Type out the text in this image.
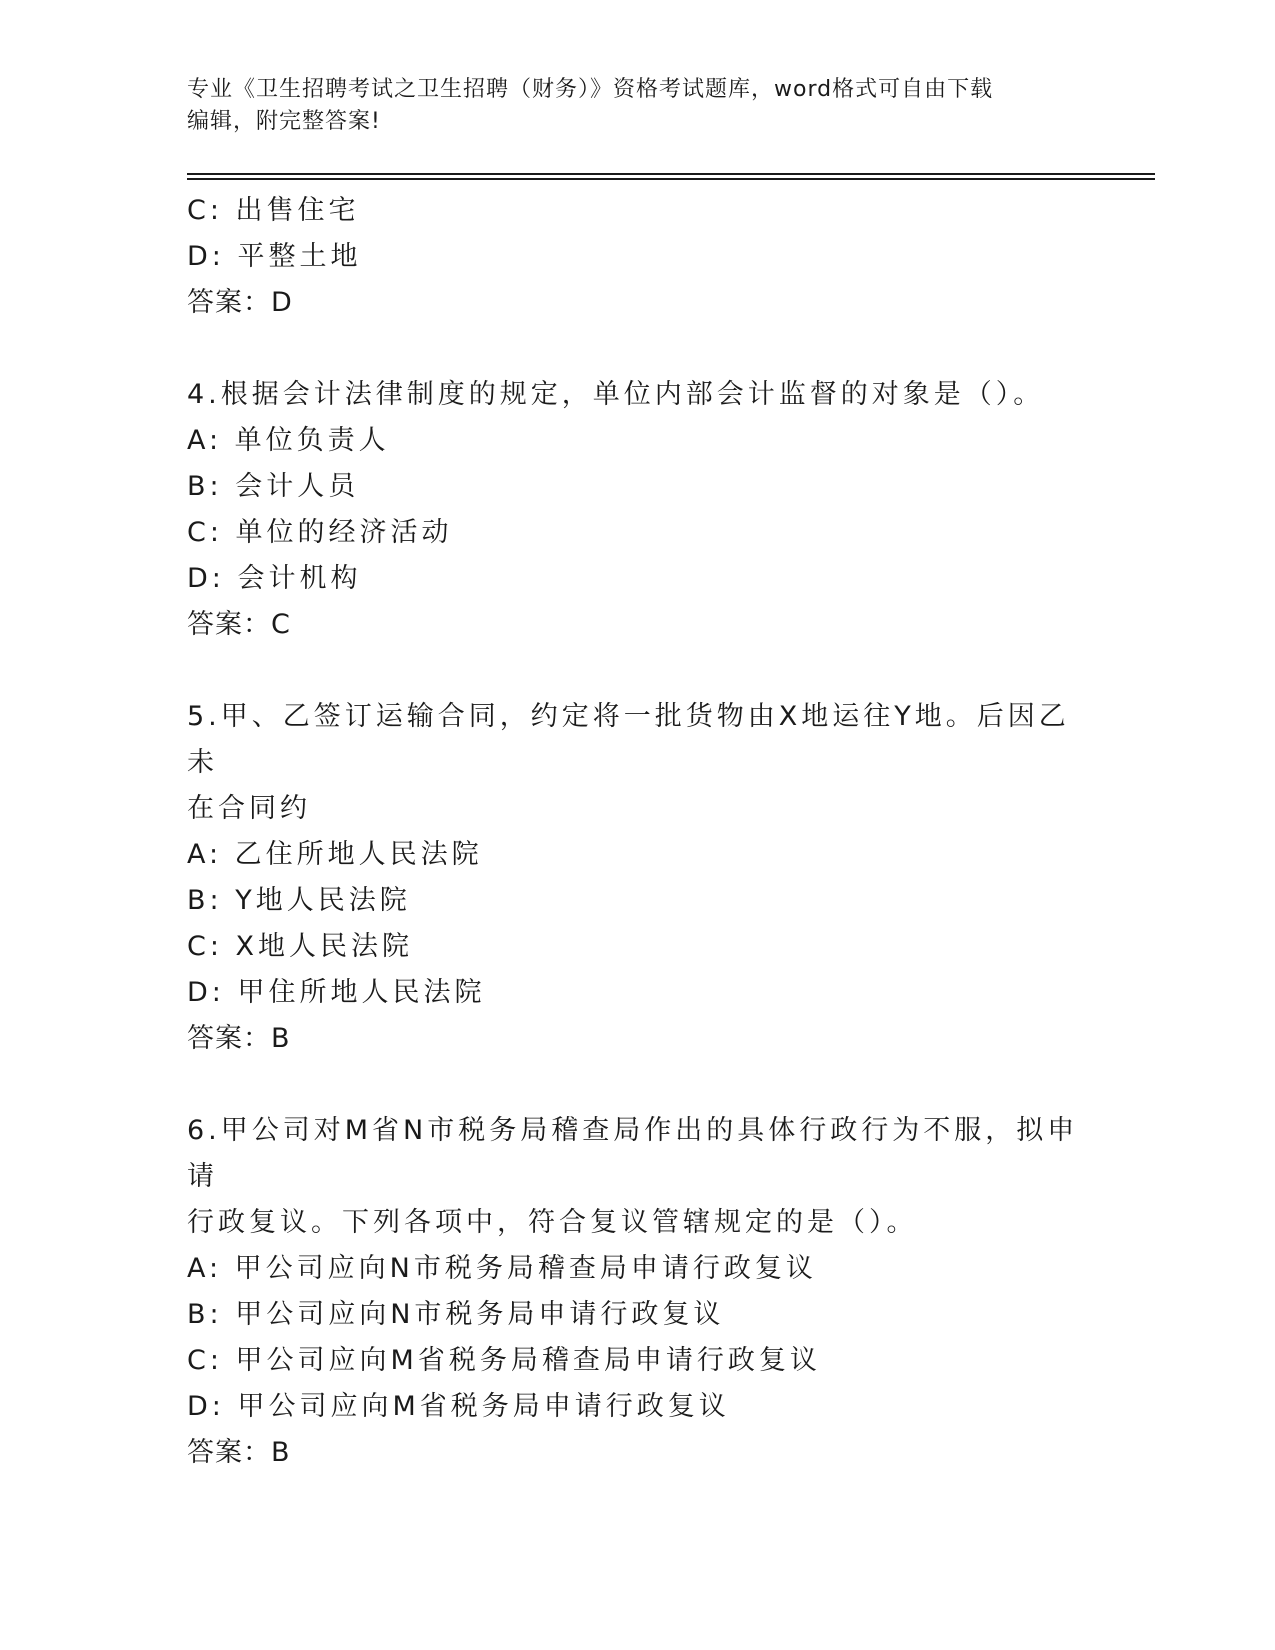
专业《卫生招聘考试之卫生招聘（财务）》资格考试题库，word格式可自由下载
编辑，附完整答案!
C: 出售住宅
D: 平整土地
答案：D
4.根据会计法律制度的规定，单位内部会计监督的对象是（）。
A: 单位负责人
B: 会计人员
C: 单位的经济活动
D: 会计机构
答案：C
5.甲、乙签订运输合同，约定将一批货物由X地运往Y地。后因乙未
在合同约
A: 乙住所地人民法院
B: Y地人民法院
C: X地人民法院
D: 甲住所地人民法院
答案：B
6.甲公司对M省N市税务局稽查局作出的具体行政行为不服，拟申请
行政复议。下列各项中，符合复议管辖规定的是（）。
A: 甲公司应向N市税务局稽查局申请行政复议
B: 甲公司应向N市税务局申请行政复议
C: 甲公司应向M省税务局稽查局申请行政复议
D: 甲公司应向M省税务局申请行政复议
答案：B
